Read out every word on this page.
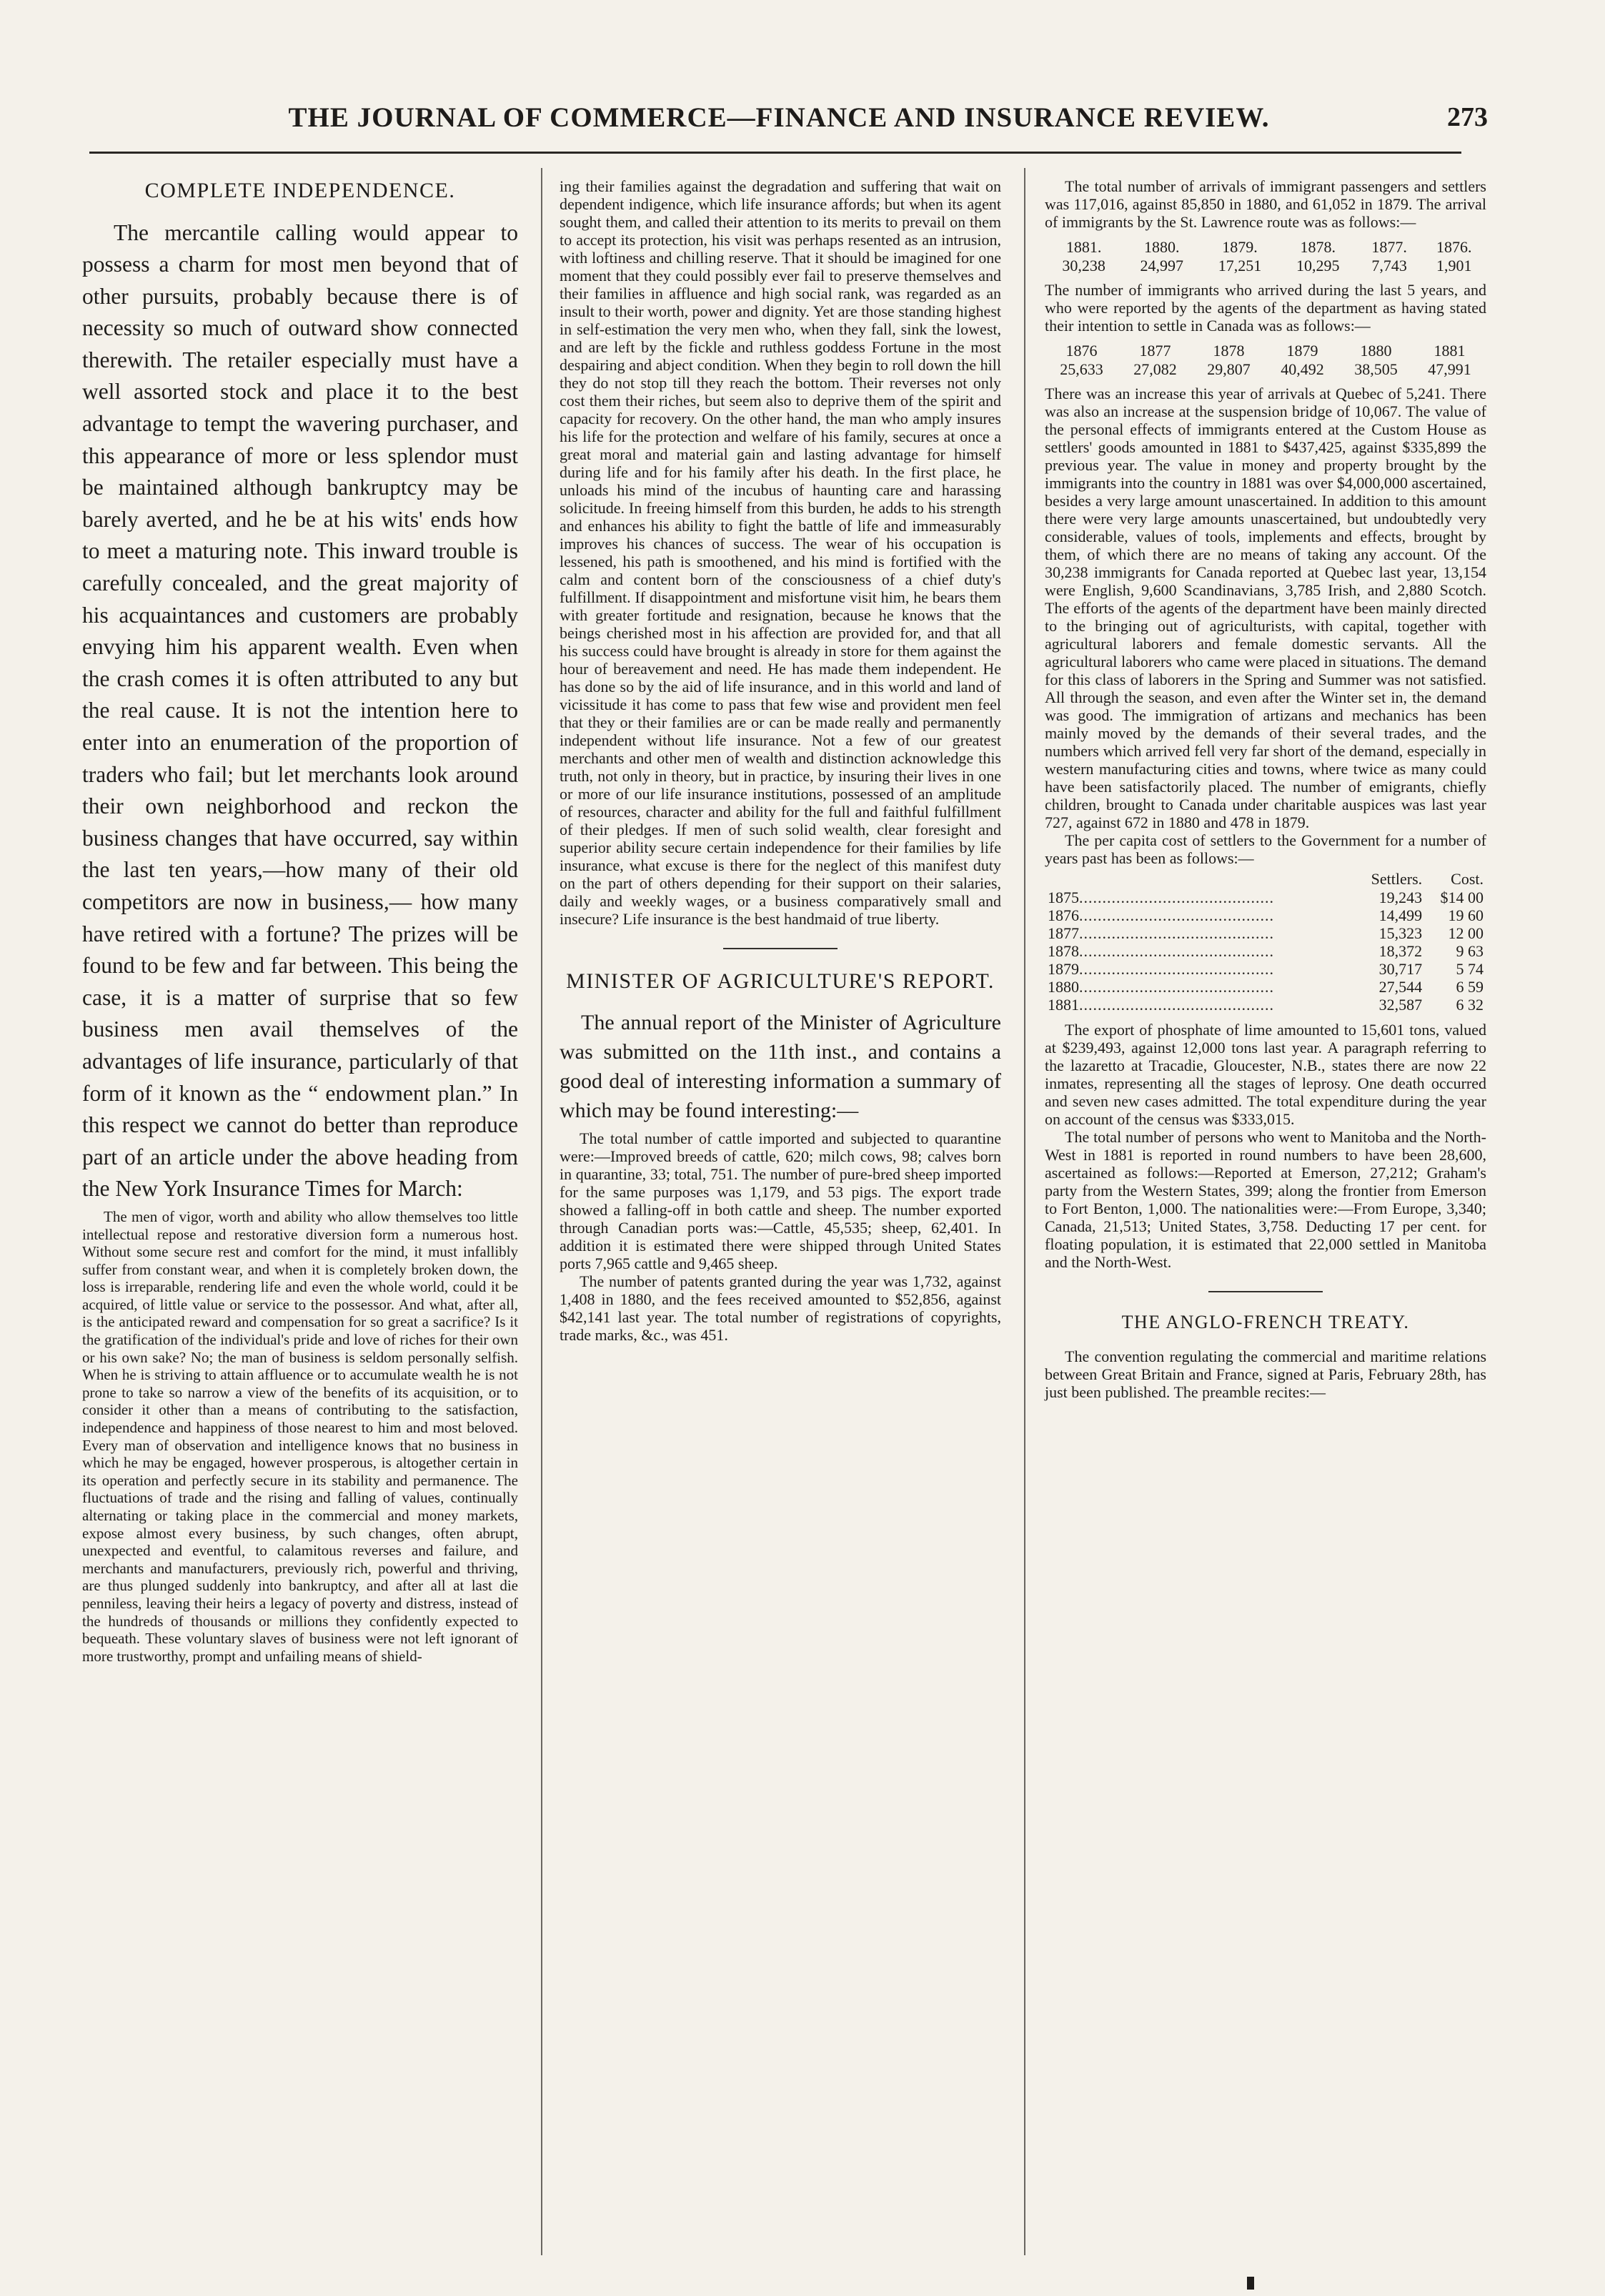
THE JOURNAL OF COMMERCE—FINANCE AND INSURANCE REVIEW.	273
COMPLETE INDEPENDENCE.

The mercantile calling would appear to possess a charm for most men beyond that of other pursuits, probably because there is of necessity so much of outward show connected therewith. The retailer especially must have a well assorted stock and place it to the best advantage to tempt the wavering purchaser, and this appearance of more or less splendor must be maintained although bankruptcy may be barely averted, and he be at his wits' ends how to meet a maturing note. This inward trouble is carefully concealed, and the great majority of his acquaintances and customers are probably envying him his apparent wealth. Even when the crash comes it is often attributed to any but the real cause. It is not the intention here to enter into an enumeration of the proportion of traders who fail; but let merchants look around their own neighborhood and reckon the business changes that have occurred, say within the last ten years,—how many of their old competitors are now in business,— how many have retired with a fortune? The prizes will be found to be few and far between. This being the case, it is a matter of surprise that so few business men avail themselves of the advantages of life insurance, particularly of that form of it known as the “ endowment plan.” In this respect we cannot do better than reproduce part of an article under the above heading from the New York Insurance Times for March:

The men of vigor, worth and ability who allow themselves too little intellectual repose and restorative diversion form a numerous host. Without some secure rest and comfort for the mind, it must infallibly suffer from constant wear, and when it is completely broken down, the loss is irreparable, rendering life and even the whole world, could it be acquired, of little value or service to the possessor. And what, after all, is the anticipated reward and compensation for so great a sacrifice? Is it the gratification of the individual's pride and love of riches for their own or his own sake? No; the man of business is seldom personally selfish. When he is striving to attain affluence or to accumulate wealth he is not prone to take so narrow a view of the benefits of its acquisition, or to consider it other than a means of contributing to the satisfaction, independence and happiness of those nearest to him and most beloved. Every man of observation and intelligence knows that no business in which he may be engaged, however prosperous, is altogether certain in its operation and perfectly secure in its stability and permanence. The fluctuations of trade and the rising and falling of values, continually alternating or taking place in the commercial and money markets, expose almost every business, by such changes, often abrupt, unexpected and eventful, to calamitous reverses and failure, and merchants and manufacturers, previously rich, powerful and thriving, are thus plunged suddenly into bankruptcy, and after all at last die penniless, leaving their heirs a legacy of poverty and distress, instead of the hundreds of thousands or millions they confidently expected to bequeath. These voluntary slaves of business were not left ignorant of more trustworthy, prompt and unfailing means of shield-

ing their families against the degradation and suffering that wait on dependent indigence, which life insurance affords; but when its agent sought them, and called their attention to its merits to prevail on them to accept its protection, his visit was perhaps resented as an intrusion, with loftiness and chilling reserve. That it should be imagined for one moment that they could possibly ever fail to preserve themselves and their families in affluence and high social rank, was regarded as an insult to their worth, power and dignity. Yet are those standing highest in self-estimation the very men who, when they fall, sink the lowest, and are left by the fickle and ruthless goddess Fortune in the most despairing and abject condition. When they begin to roll down the hill they do not stop till they reach the bottom. Their reverses not only cost them their riches, but seem also to deprive them of the spirit and capacity for recovery. On the other hand, the man who amply insures his life for the protection and welfare of his family, secures at once a great moral and material gain and lasting advantage for himself during life and for his family after his death. In the first place, he unloads his mind of the incubus of haunting care and harassing solicitude. In freeing himself from this burden, he adds to his strength and enhances his ability to fight the battle of life and immeasurably improves his chances of success. The wear of his occupation is lessened, his path is smoothened, and his mind is fortified with the calm and content born of the consciousness of a chief duty's fulfillment. If disappointment and misfortune visit him, he bears them with greater fortitude and resignation, because he knows that the beings cherished most in his affection are provided for, and that all his success could have brought is already in store for them against the hour of bereavement and need. He has made them independent. He has done so by the aid of life insurance, and in this world and land of vicissitude it has come to pass that few wise and provident men feel that they or their families are or can be made really and permanently independent without life insurance. Not a few of our greatest merchants and other men of wealth and distinction acknowledge this truth, not only in theory, but in practice, by insuring their lives in one or more of our life insurance institutions, possessed of an amplitude of resources, character and ability for the full and faithful fulfillment of their pledges. If men of such solid wealth, clear foresight and superior ability secure certain independence for their families by life insurance, what excuse is there for the neglect of this manifest duty on the part of others depending for their support on their salaries, daily and weekly wages, or a business comparatively small and insecure? Life insurance is the best handmaid of true liberty.

MINISTER OF AGRICULTURE'S REPORT.

The annual report of the Minister of Agriculture was submitted on the 11th inst., and contains a good deal of interesting information a summary of which may be found interesting:—

The total number of cattle imported and subjected to quarantine were:—Improved breeds of cattle, 620; milch cows, 98; calves born in quarantine, 33; total, 751. The number of pure-bred sheep imported for the same purposes was 1,179, and 53 pigs. The export trade showed a falling-off in both cattle and sheep. The number exported through Canadian ports was:—Cattle, 45,535; sheep, 62,401. In addition it is estimated there were shipped through United States ports 7,965 cattle and 9,465 sheep.

The number of patents granted during the year was 1,732, against 1,408 in 1880, and the fees received amounted to $52,856, against $42,141 last year. The total number of registrations of copyrights, trade marks, &c., was 451.

The total number of arrivals of immigrant passengers and settlers was 117,016, against 85,850 in 1880, and 61,052 in 1879. The arrival of immigrants by the St. Lawrence route was as follows:—

1881.	1880.	1879.	1878.	1877.	1876.
30,238	24,997	17,251	10,295	7,743	1,901

The number of immigrants who arrived during the last 5 years, and who were reported by the agents of the department as having stated their intention to settle in Canada was as follows:—

1876	1877	1878	1879	1880	1881
25,633	27,082	29,807	40,492	38,505	47,991

There was an increase this year of arrivals at Quebec of 5,241. There was also an increase at the suspension bridge of 10,067. The value of the personal effects of immigrants entered at the Custom House as settlers' goods amounted in 1881 to $437,425, against $335,899 the previous year. The value in money and property brought by the immigrants into the country in 1881 was over $4,000,000 ascertained, besides a very large amount unascertained. In addition to this amount there were very large amounts unascertained, but undoubtedly very considerable, values of tools, implements and effects, brought by them, of which there are no means of taking any account. Of the 30,238 immigrants for Canada reported at Quebec last year, 13,154 were English, 9,600 Scandinavians, 3,785 Irish, and 2,880 Scotch. The efforts of the agents of the department have been mainly directed to the bringing out of agriculturists, with capital, together with agricultural laborers and female domestic servants. All the agricultural laborers who came were placed in situations. The demand for this class of laborers in the Spring and Summer was not satisfied. All through the season, and even after the Winter set in, the demand was good. The immigration of artizans and mechanics has been mainly moved by the demands of their several trades, and the numbers which arrived fell very far short of the demand, especially in western manufacturing cities and towns, where twice as many could have been satisfactorily placed. The number of emigrants, chiefly children, brought to Canada under charitable auspices was last year 727, against 672 in 1880 and 478 in 1879.

The per capita cost of settlers to the Government for a number of years past has been as follows:—

	Settlers.	Cost.
1875..........................................	19,243	$14 00
1876..........................................	14,499	19 60
1877..........................................	15,323	12 00
1878..........................................	18,372	9 63
1879..........................................	30,717	5 74
1880..........................................	27,544	6 59
1881..........................................	32,587	6 32

The export of phosphate of lime amounted to 15,601 tons, valued at $239,493, against 12,000 tons last year. A paragraph referring to the lazaretto at Tracadie, Gloucester, N.B., states there are now 22 inmates, representing all the stages of leprosy. One death occurred and seven new cases admitted. The total expenditure during the year on account of the census was $333,015.

The total number of persons who went to Manitoba and the North-West in 1881 is reported in round numbers to have been 28,600, ascertained as follows:—Reported at Emerson, 27,212; Graham's party from the Western States, 399; along the frontier from Emerson to Fort Benton, 1,000. The nationalities were:—From Europe, 3,340; Canada, 21,513; United States, 3,758. Deducting 17 per cent. for floating population, it is estimated that 22,000 settled in Manitoba and the North-West.

THE ANGLO-FRENCH TREATY.

The convention regulating the commercial and maritime relations between Great Britain and France, signed at Paris, February 28th, has just been published. The preamble recites:—
